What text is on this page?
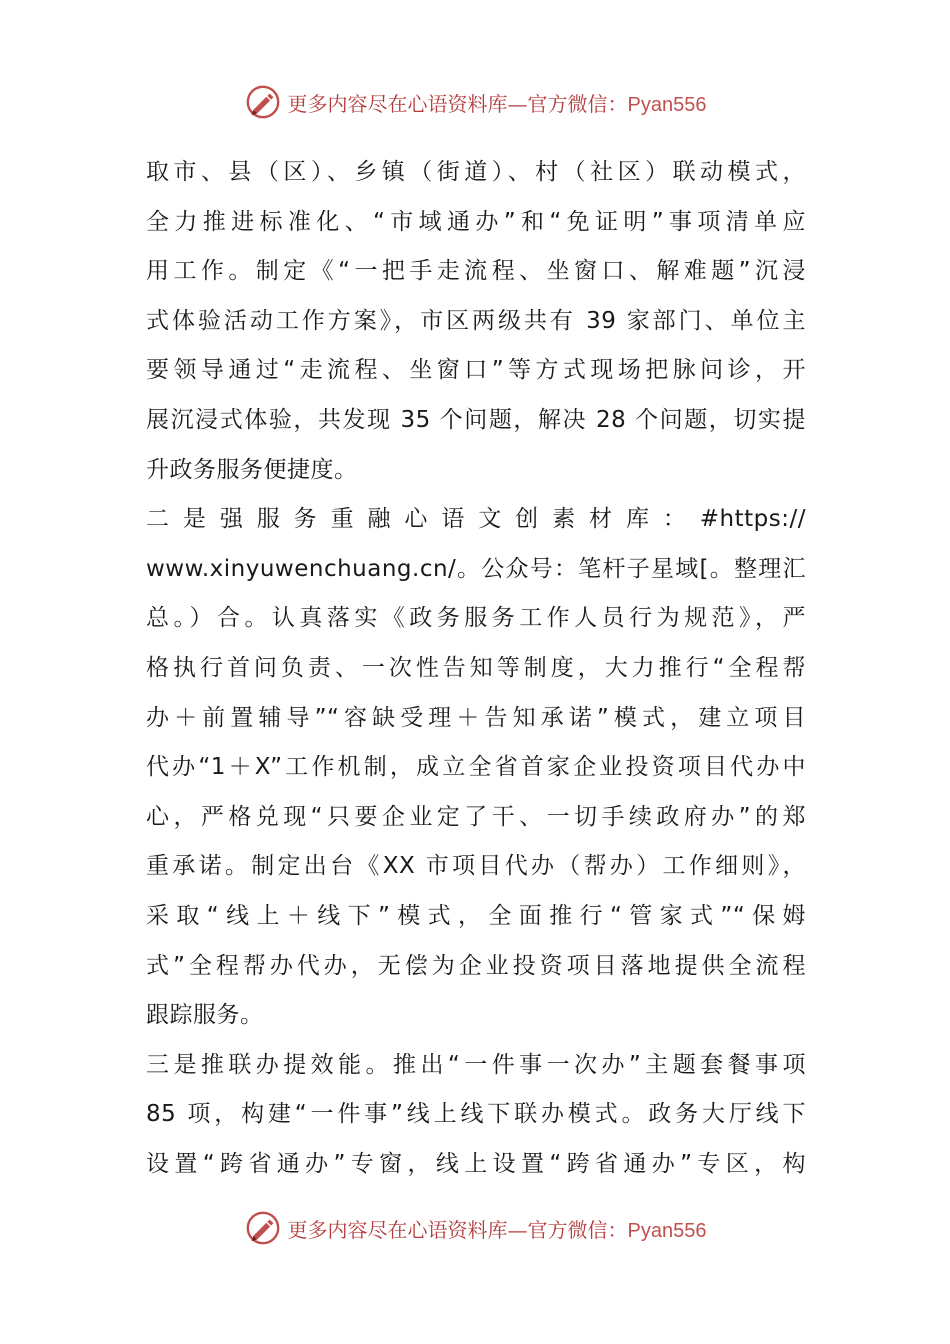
更多内容尽在心语资料库—官方微信：Pyan556
取市、县（区）、乡镇（街道）、村（社区）联动模式，
全力推进标准化、“市域通办”和“免证明”事项清单应
用工作。制定《“一把手走流程、坐窗口、解难题”沉浸
式体验活动工作方案》，市区两级共有 39 家部门、单位主
要领导通过“走流程、坐窗口”等方式现场把脉问诊，开
展沉浸式体验，共发现 35 个问题，解决 28 个问题，切实提
升政务服务便捷度。
二是强服务重融心语文创素材库：#https://
www.xinyuwenchuang.cn/。公众号：笔杆子星域[。整理汇
总。）合。认真落实《政务服务工作人员行为规范》，严
格执行首问负责、一次性告知等制度，大力推行“全程帮
办＋前置辅导”“容缺受理＋告知承诺”模式，建立项目
代办“1＋X”工作机制，成立全省首家企业投资项目代办中
心，严格兑现“只要企业定了干、一切手续政府办”的郑
重承诺。制定出台《XX 市项目代办（帮办）工作细则》，
采取“线上＋线下”模式，全面推行“管家式”“保姆
式”全程帮办代办，无偿为企业投资项目落地提供全流程
跟踪服务。
三是推联办提效能。推出“一件事一次办”主题套餐事项
85 项，构建“一件事”线上线下联办模式。政务大厅线下
设置“跨省通办”专窗，线上设置“跨省通办”专区，构
更多内容尽在心语资料库—官方微信：Pyan556
